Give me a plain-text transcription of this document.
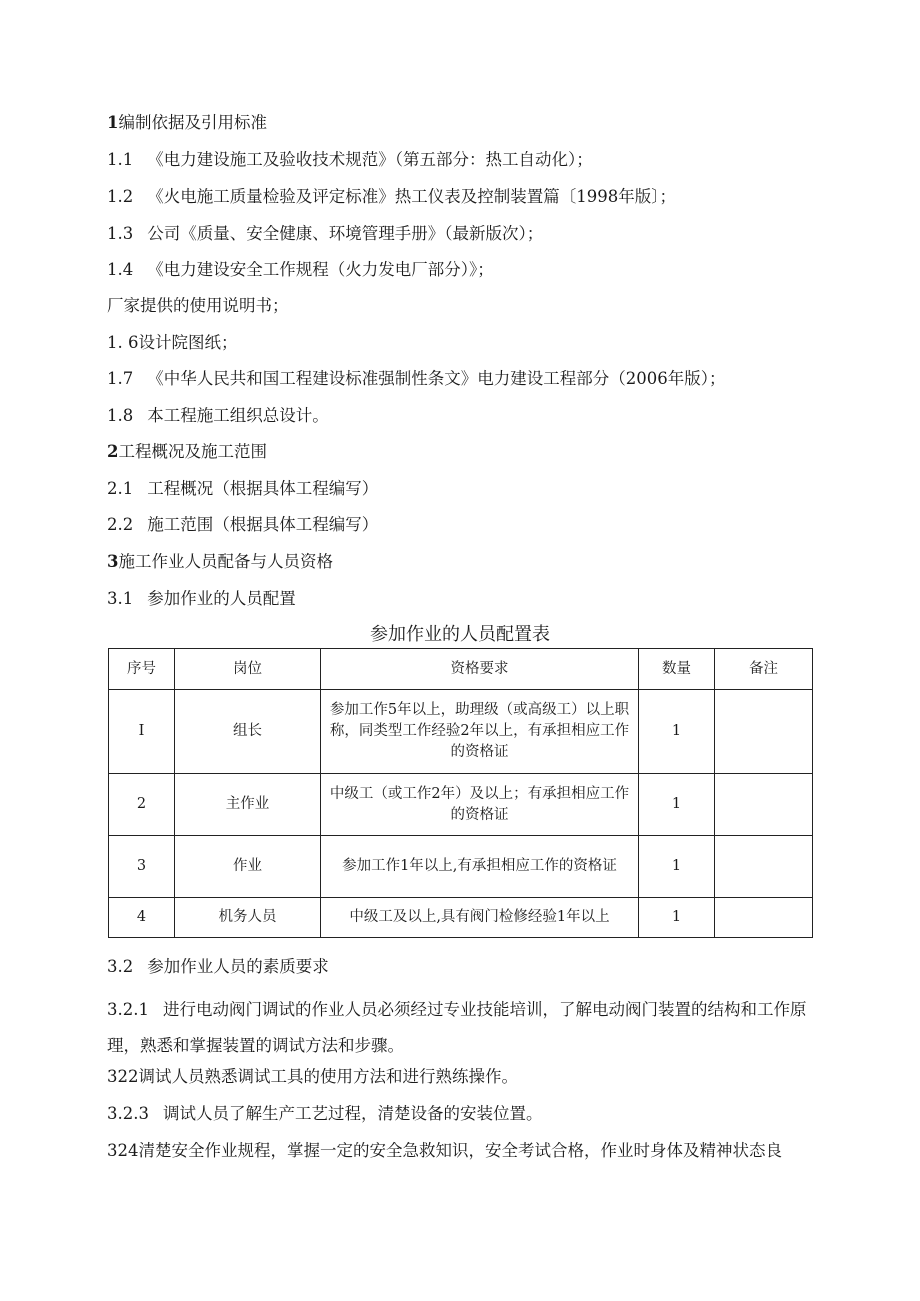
1编制依据及引用标准
1.1 《电力建设施工及验收技术规范》（第五部分：热工自动化）；
1.2 《火电施工质量检验及评定标准》热工仪表及控制装置篇〔1998年版〕；
1.3 公司《质量、安全健康、环境管理手册》（最新版次）；
1.4 《电力建设安全工作规程（火力发电厂部分）》；
厂家提供的使用说明书；
1. 6设计院图纸；
1.7 《中华人民共和国工程建设标准强制性条文》电力建设工程部分（2006年版）；
1.8 本工程施工组织总设计。
2工程概况及施工范围
2.1 工程概况（根据具体工程编写）
2.2 施工范围（根据具体工程编写）
3施工作业人员配备与人员资格
3.1 参加作业的人员配置
参加作业的人员配置表
序号	岗位	资格要求	数量	备注
I	组长	参加工作5年以上，助理级（或高级工）以上职称，同类型工作经验2年以上，有承担相应工作的资格证	1	
2	主作业	中级工（或工作2年）及以上；有承担相应工作的资格证	1	
3	作业	参加工作1年以上,有承担相应工作的资格证	1	
4	机务人员	中级工及以上,具有阀门检修经验1年以上	1	
3.2 参加作业人员的素质要求
3.2.1 进行电动阀门调试的作业人员必须经过专业技能培训，了解电动阀门装置的结构和工作原理，熟悉和掌握装置的调试方法和步骤。
322调试人员熟悉调试工具的使用方法和进行熟练操作。
3.2.3 调试人员了解生产工艺过程，清楚设备的安装位置。
324清楚安全作业规程，掌握一定的安全急救知识，安全考试合格，作业时身体及精神状态良
